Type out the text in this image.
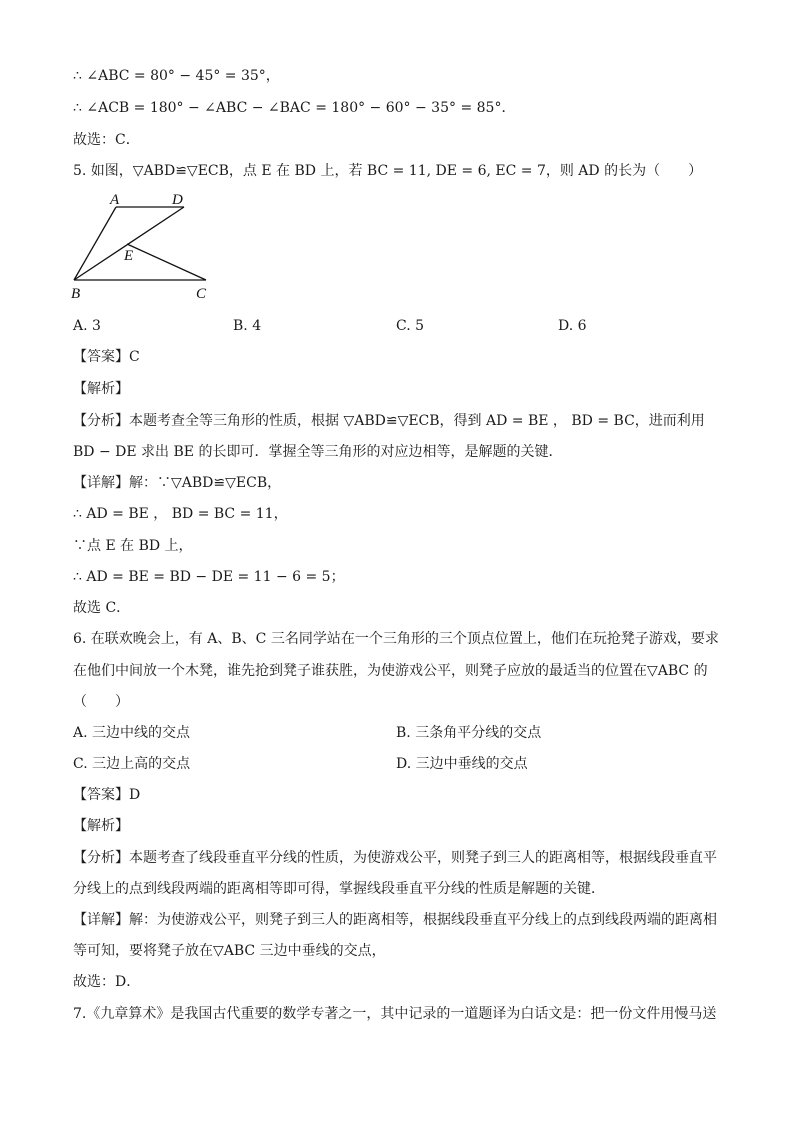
∴ ∠ABC = 80° − 45° = 35°，
∴ ∠ACB = 180° − ∠ABC − ∠BAC = 180° − 60° − 35° = 85°．
故选：C．
5. 如图，▽ABD≌▽ECB，点 E 在 BD 上，若 BC = 11, DE = 6, EC = 7，则 AD 的长为（　　）
A	D
E
B	C
A. 3	B. 4	C. 5	D. 6
【答案】C
【解析】
【分析】本题考查全等三角形的性质，根据 ▽ABD≌▽ECB，得到 AD = BE ， BD = BC，进而利用
BD − DE 求出 BE 的长即可．掌握全等三角形的对应边相等，是解题的关键．
【详解】解：∵▽ABD≌▽ECB，
∴ AD = BE ， BD = BC = 11，
∵点 E 在 BD 上，
∴ AD = BE = BD − DE = 11 − 6 = 5；
故选 C．
6. 在联欢晚会上，有 A、B、C 三名同学站在一个三角形的三个顶点位置上，他们在玩抢凳子游戏，要求
在他们中间放一个木凳，谁先抢到凳子谁获胜，为使游戏公平，则凳子应放的最适当的位置在▽ABC 的
（　　）
A. 三边中线的交点	B. 三条角平分线的交点
C. 三边上高的交点	D. 三边中垂线的交点
【答案】D
【解析】
【分析】本题考查了线段垂直平分线的性质，为使游戏公平，则凳子到三人的距离相等，根据线段垂直平
分线上的点到线段两端的距离相等即可得，掌握线段垂直平分线的性质是解题的关键．
【详解】解：为使游戏公平，则凳子到三人的距离相等，根据线段垂直平分线上的点到线段两端的距离相
等可知，要将凳子放在▽ABC 三边中垂线的交点，
故选：D．
7.《九章算术》是我国古代重要的数学专著之一，其中记录的一道题译为白话文是：把一份文件用慢马送
